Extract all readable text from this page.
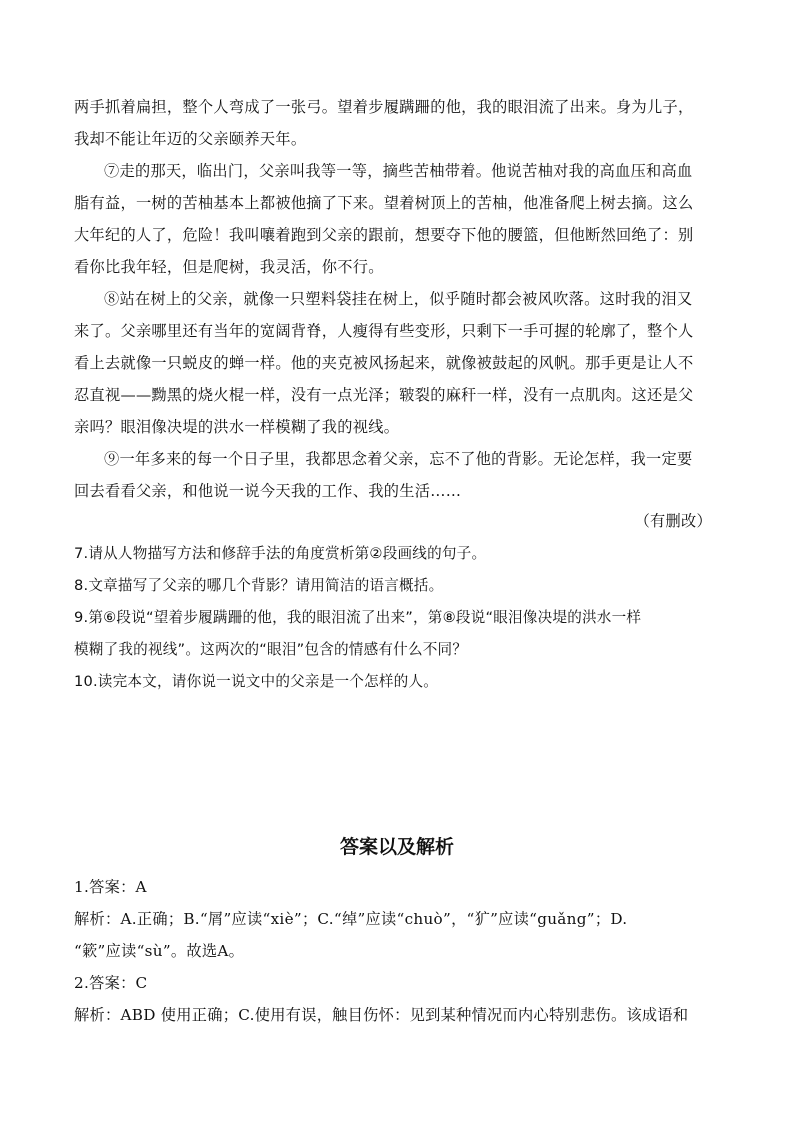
两手抓着扁担，整个人弯成了一张弓。望着步履蹒跚的他，我的眼泪流了出来。身为儿子，
我却不能让年迈的父亲颐养天年。
⑦走的那天，临出门，父亲叫我等一等，摘些苦柚带着。他说苦柚对我的高血压和高血
脂有益，一树的苦柚基本上都被他摘了下来。望着树顶上的苦柚，他准备爬上树去摘。这么
大年纪的人了，危险！我叫嚷着跑到父亲的跟前，想要夺下他的腰篮，但他断然回绝了：别
看你比我年轻，但是爬树，我灵活，你不行。
⑧站在树上的父亲，就像一只塑料袋挂在树上，似乎随时都会被风吹落。这时我的泪又
来了。父亲哪里还有当年的宽阔背脊，人瘦得有些变形，只剩下一手可握的轮廓了，整个人
看上去就像一只蜕皮的蝉一样。他的夹克被风扬起来，就像被鼓起的风帆。那手更是让人不
忍直视——黝黑的烧火棍一样，没有一点光泽；皲裂的麻秆一样，没有一点肌肉。这还是父
亲吗？眼泪像决堤的洪水一样模糊了我的视线。
⑨一年多来的每一个日子里，我都思念着父亲，忘不了他的背影。无论怎样，我一定要
回去看看父亲，和他说一说今天我的工作、我的生活……
（有删改）
7.请从人物描写方法和修辞手法的角度赏析第②段画线的句子。
8.文章描写了父亲的哪几个背影？请用简洁的语言概括。
9.第⑥段说“望着步履蹒跚的他，我的眼泪流了出来”，第⑧段说“眼泪像决堤的洪水一样
模糊了我的视线”。这两次的“眼泪”包含的情感有什么不同？
10.读完本文，请你说一说文中的父亲是一个怎样的人。
答案以及解析
1.答案：A
解析：A.正确；B.“屑”应读“xiè”；C.“绰”应读“chuò”，“犷”应读“guǎng”；D.
“簌”应读“sù”。故选A。
2.答案：C
解析：ABD 使用正确；C.使用有误，触目伤怀：见到某种情况而内心特别悲伤。该成语和
